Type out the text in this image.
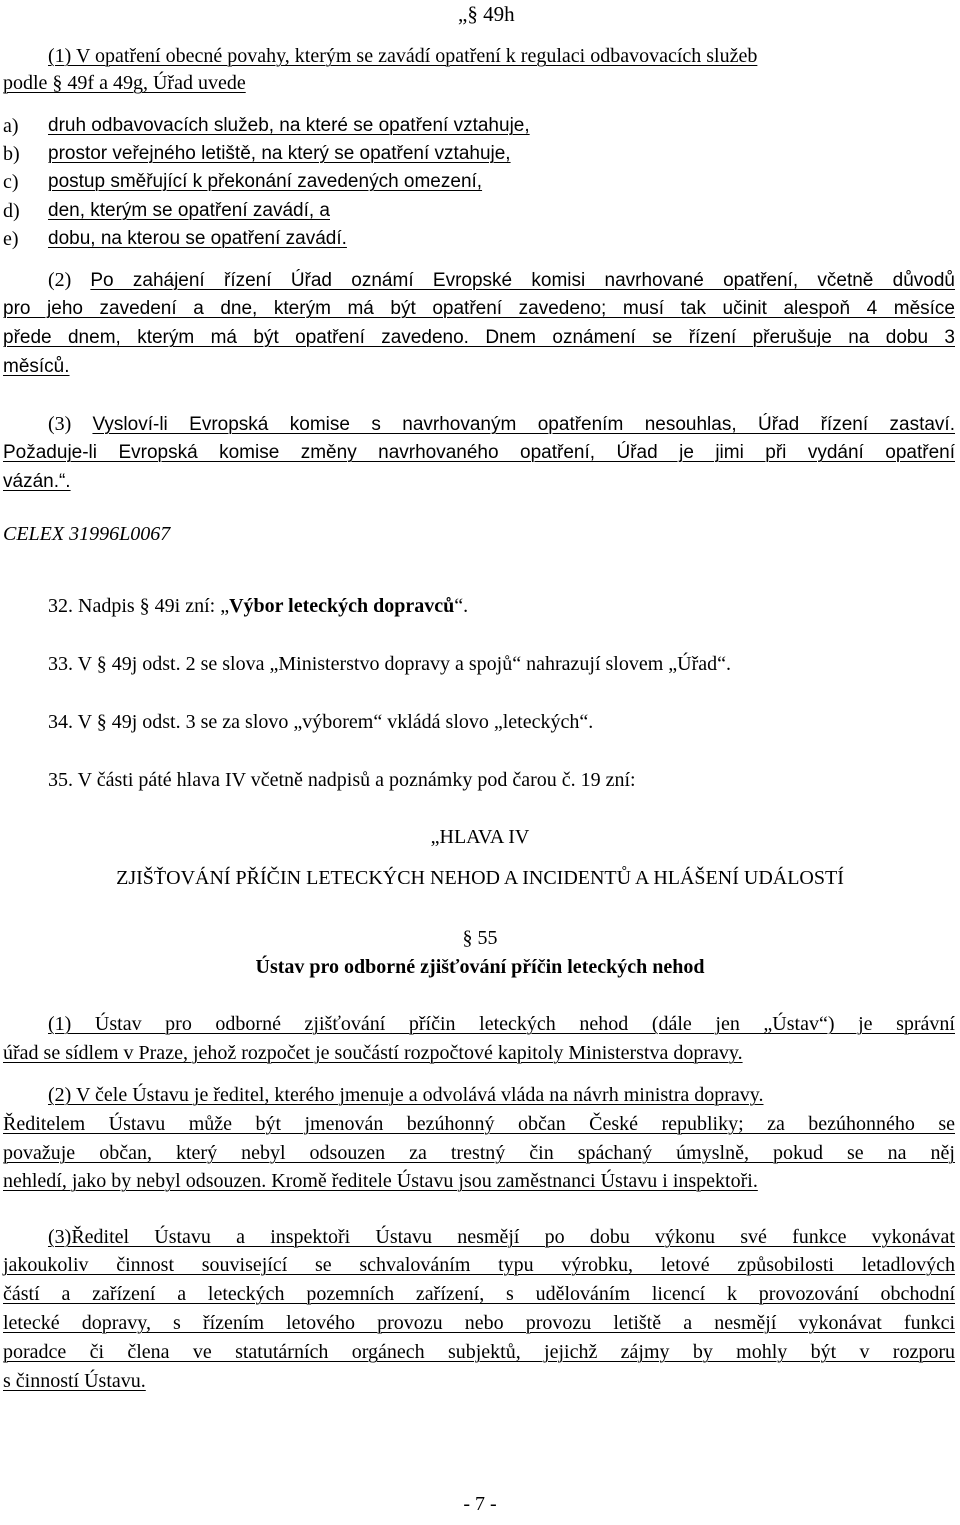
„§ 49h
(1) V opatření obecné povahy, kterým se zavádí opatření k regulaci odbavovacích služeb
podle § 49f a 49g, Úřad uvede
a) druh odbavovacích služeb, na které se opatření vztahuje,
b) prostor veřejného letiště, na který se opatření vztahuje,
c) postup směřující k překonání zavedených omezení,
d) den, kterým se opatření zavádí, a
e) dobu, na kterou se opatření zavádí.
(2) Po zahájení řízení Úřad oznámí Evropské komisi navrhované opatření, včetně důvodů
pro jeho zavedení a dne, kterým má být opatření zavedeno; musí tak učinit alespoň 4 měsíce
přede dnem, kterým má být opatření zavedeno. Dnem oznámení se řízení přerušuje na dobu 3
měsíců.
(3) Vysloví-li Evropská komise s navrhovaným opatřením nesouhlas, Úřad řízení zastaví.
Požaduje-li Evropská komise změny navrhovaného opatření, Úřad je jimi při vydání opatření
vázán.“.
CELEX 31996L0067
32. Nadpis § 49i zní: „Výbor leteckých dopravců“.
33. V § 49j odst. 2 se slova „Ministerstvo dopravy a spojů“ nahrazují slovem „Úřad“.
34. V § 49j odst. 3 se za slovo „výborem“ vkládá slovo „leteckých“.
35. V části páté hlava IV včetně nadpisů a poznámky pod čarou č. 19 zní:
„HLAVA IV
ZJIŠŤOVÁNÍ PŘÍČIN LETECKÝCH NEHOD A INCIDENTŮ A HLÁŠENÍ UDÁLOSTÍ
§ 55
Ústav pro odborné zjišťování příčin leteckých nehod
(1) Ústav pro odborné zjišťování příčin leteckých nehod (dále jen „Ústav“) je správní
úřad se sídlem v Praze, jehož rozpočet je součástí rozpočtové kapitoly Ministerstva dopravy.
(2) V čele Ústavu je ředitel, kterého jmenuje a odvolává vláda na návrh ministra dopravy.
Ředitelem Ústavu může být jmenován bezúhonný občan České republiky; za bezúhonného se
považuje občan, který nebyl odsouzen za trestný čin spáchaný úmyslně, pokud se na něj
nehledí, jako by nebyl odsouzen. Kromě ředitele Ústavu jsou zaměstnanci Ústavu i inspektoři.
(3)Ředitel Ústavu a inspektoři Ústavu nesmějí po dobu výkonu své funkce vykonávat
jakoukoliv činnost související se schvalováním typu výrobku, letové způsobilosti letadlových
částí a zařízení a leteckých pozemních zařízení, s udělováním licencí k provozování obchodní
letecké dopravy, s řízením letového provozu nebo provozu letiště a nesmějí vykonávat funkci
poradce či člena ve statutárních orgánech subjektů, jejichž zájmy by mohly být v rozporu
s činností Ústavu.
- 7 -
